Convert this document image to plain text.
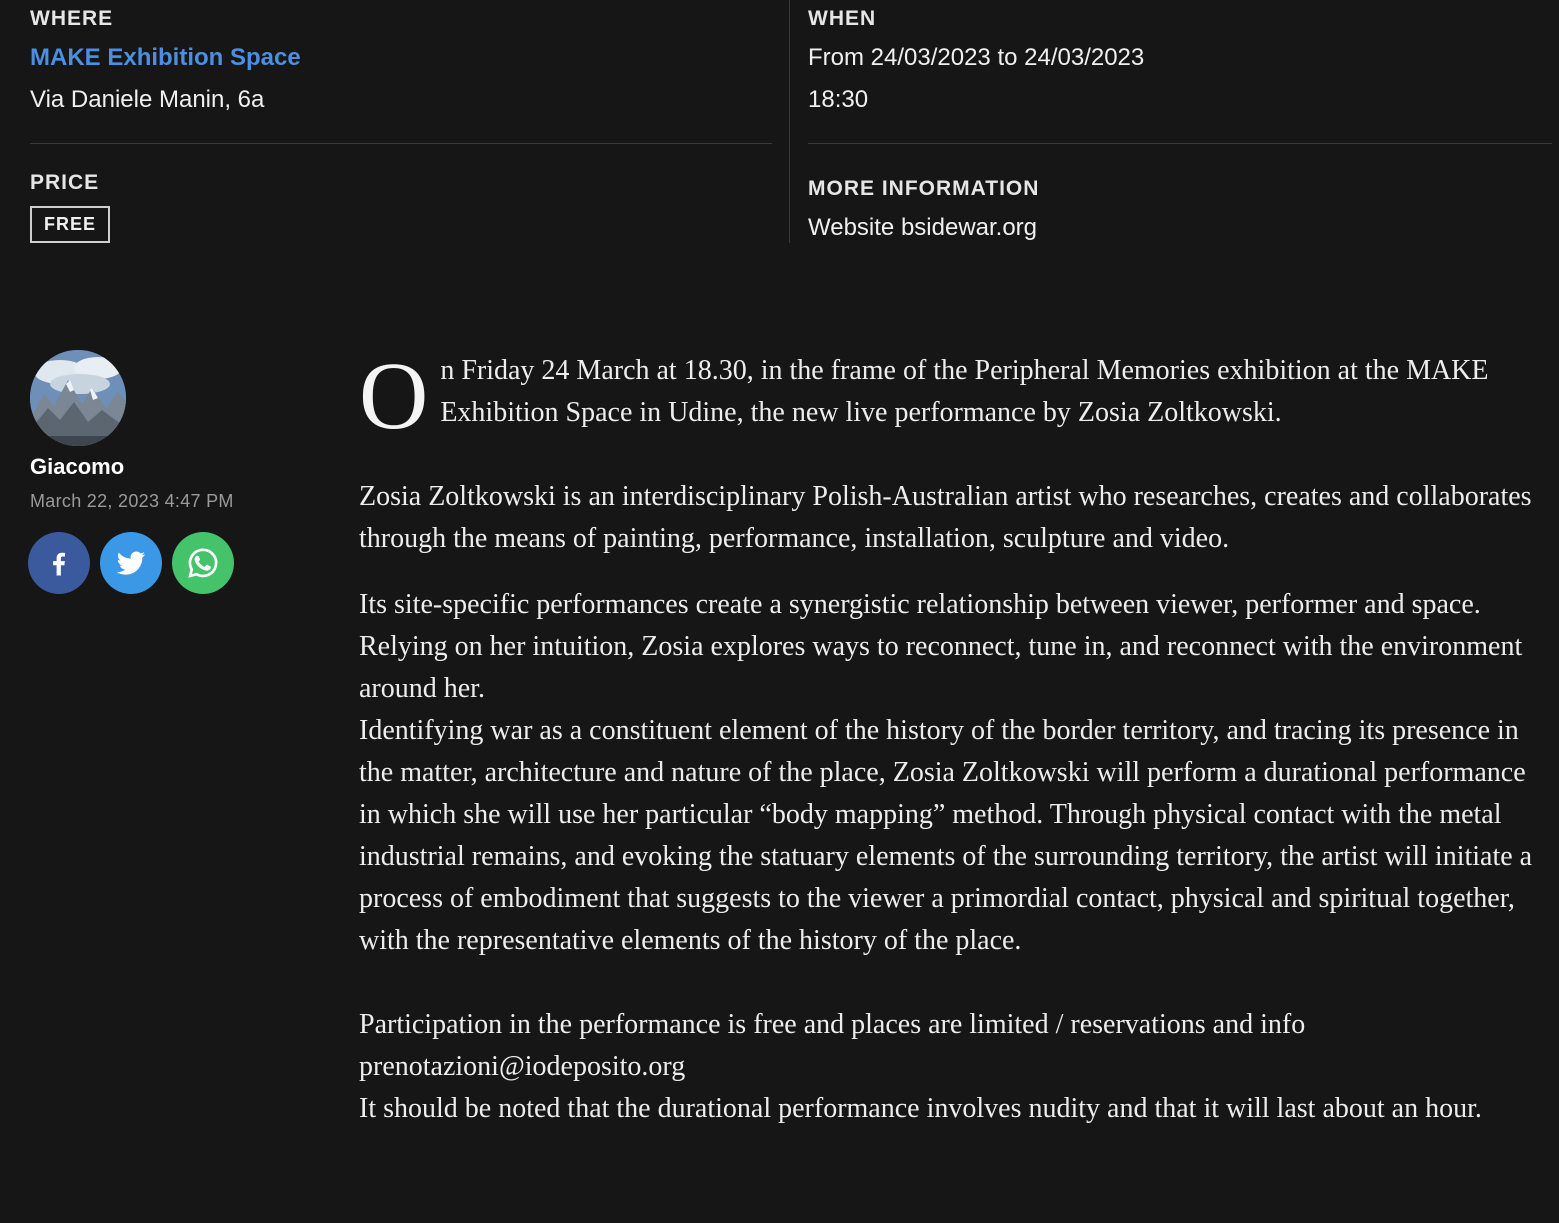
WHERE
MAKE Exhibition Space
Via Daniele Manin, 6a
PRICE
FREE
WHEN
From 24/03/2023 to 24/03/2023
18:30
MORE INFORMATION
Website bsidewar.org
Giacomo
March 22, 2023 4:47 PM

O n Friday 24 March at 18.30, in the frame of the Peripheral Memories exhibition at the MAKE Exhibition Space in Udine, the new live performance by Zosia Zoltkowski.

Zosia Zoltkowski is an interdisciplinary Polish-Australian artist who researches, creates and collaborates through the means of painting, performance, installation, sculpture and video.

Its site-specific performances create a synergistic relationship between viewer, performer and space. Relying on her intuition, Zosia explores ways to reconnect, tune in, and reconnect with the environment around her.

Identifying war as a constituent element of the history of the border territory, and tracing its presence in the matter, architecture and nature of the place, Zosia Zoltkowski will perform a durational performance in which she will use her particular “body mapping” method. Through physical contact with the metal industrial remains, and evoking the statuary elements of the surrounding territory, the artist will initiate a process of embodiment that suggests to the viewer a primordial contact, physical and spiritual together, with the representative elements of the history of the place.

Participation in the performance is free and places are limited / reservations and info prenotazioni@iodeposito.org

It should be noted that the durational performance involves nudity and that it will last about an hour.
